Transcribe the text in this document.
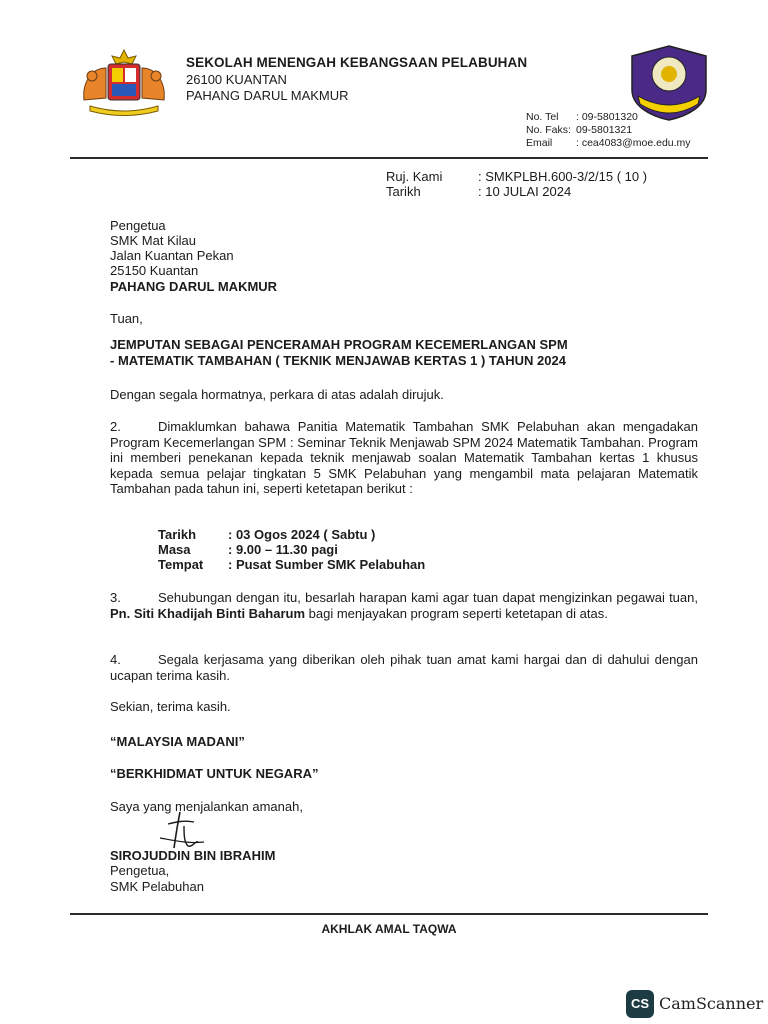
SEKOLAH MENENGAH KEBANGSAAN PELABUHAN
26100 KUANTAN
PAHANG DARUL MAKMUR
No. Tel : 09-5801320
No. Faks: 09-5801321
Email : cea4083@moe.edu.my
Ruj. Kami	: SMKPLBH.600-3/2/15 ( 10 )
Tarikh	: 10 JULAI 2024
Pengetua
SMK Mat Kilau
Jalan Kuantan Pekan
25150 Kuantan
PAHANG DARUL MAKMUR
Tuan,
JEMPUTAN SEBAGAI PENCERAMAH PROGRAM KECEMERLANGAN SPM
- MATEMATIK TAMBAHAN ( TEKNIK MENJAWAB KERTAS 1 ) TAHUN 2024
Dengan segala hormatnya, perkara di atas adalah dirujuk.
2.	Dimaklumkan bahawa Panitia Matematik Tambahan SMK Pelabuhan akan mengadakan Program Kecemerlangan SPM : Seminar Teknik Menjawab SPM 2024 Matematik Tambahan. Program ini memberi penekanan kepada teknik menjawab soalan Matematik Tambahan kertas 1 khusus kepada semua pelajar tingkatan 5 SMK Pelabuhan yang mengambil mata pelajaran Matematik Tambahan pada tahun ini, seperti ketetapan berikut :
Tarikh : 03 Ogos 2024 ( Sabtu )
Masa	: 9.00 – 11.30 pagi
Tempat : Pusat Sumber SMK Pelabuhan
3.	Sehubungan dengan itu, besarlah harapan kami agar tuan dapat mengizinkan pegawai tuan, Pn. Siti Khadijah Binti Baharum bagi menjayakan program seperti ketetapan di atas.
4.	Segala kerjasama yang diberikan oleh pihak tuan amat kami hargai dan di dahului dengan ucapan terima kasih.
Sekian, terima kasih.
“MALAYSIA MADANI”
“BERKHIDMAT UNTUK NEGARA”
Saya yang menjalankan amanah,
SIROJUDDIN BIN IBRAHIM
Pengetua,
SMK Pelabuhan
AKHLAK AMAL TAQWA
CS CamScanner
